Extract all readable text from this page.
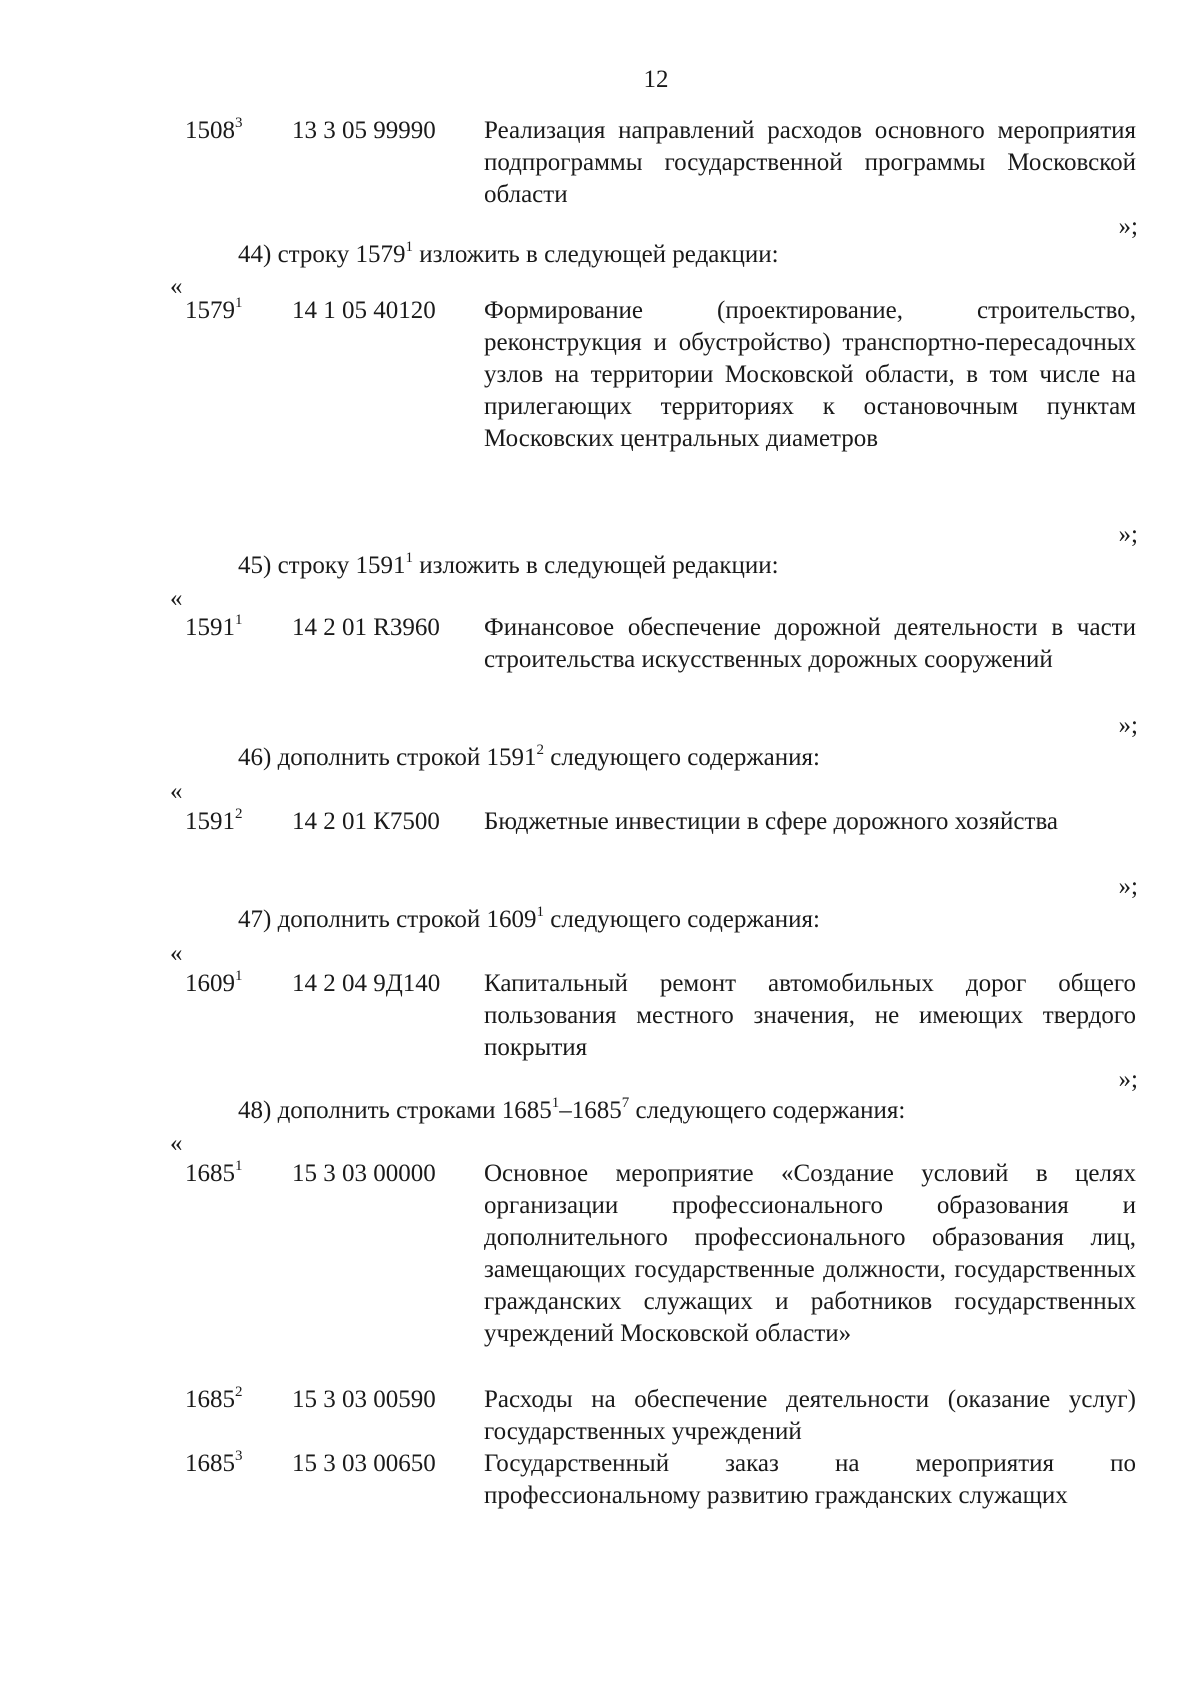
12
1508$^3$ 13 3 05 99990 Реализация направлений расходов основного мероприятия подпрограммы государственной программы Московской области
»;
44) строку 1579$^1$ изложить в следующей редакции:
«
1579$^1$ 14 1 05 40120 Формирование (проектирование, строительство, реконструкция и обустройство) транспортно-пересадочных узлов на территории Московской области, в том числе на прилегающих территориях к остановочным пунктам Московских центральных диаметров
»;
45) строку 1591$^1$ изложить в следующей редакции:
«
1591$^1$ 14 2 01 R3960 Финансовое обеспечение дорожной деятельности в части строительства искусственных дорожных сооружений
»;
46) дополнить строкой 1591$^2$ следующего содержания:
«
1591$^2$ 14 2 01 К7500 Бюджетные инвестиции в сфере дорожного хозяйства
»;
47) дополнить строкой 1609$^1$ следующего содержания:
«
1609$^1$ 14 2 04 9Д140 Капитальный ремонт автомобильных дорог общего пользования местного значения, не имеющих твердого покрытия
»;
48) дополнить строками 1685$^1$–1685$^7$ следующего содержания:
«
1685$^1$ 15 3 03 00000 Основное мероприятие «Создание условий в целях организации профессионального образования и дополнительного профессионального образования лиц, замещающих государственные должности, государственных гражданских служащих и работников государственных учреждений Московской области»
1685$^2$ 15 3 03 00590 Расходы на обеспечение деятельности (оказание услуг) государственных учреждений
1685$^3$ 15 3 03 00650 Государственный заказ на мероприятия по профессиональному развитию гражданских служащих
